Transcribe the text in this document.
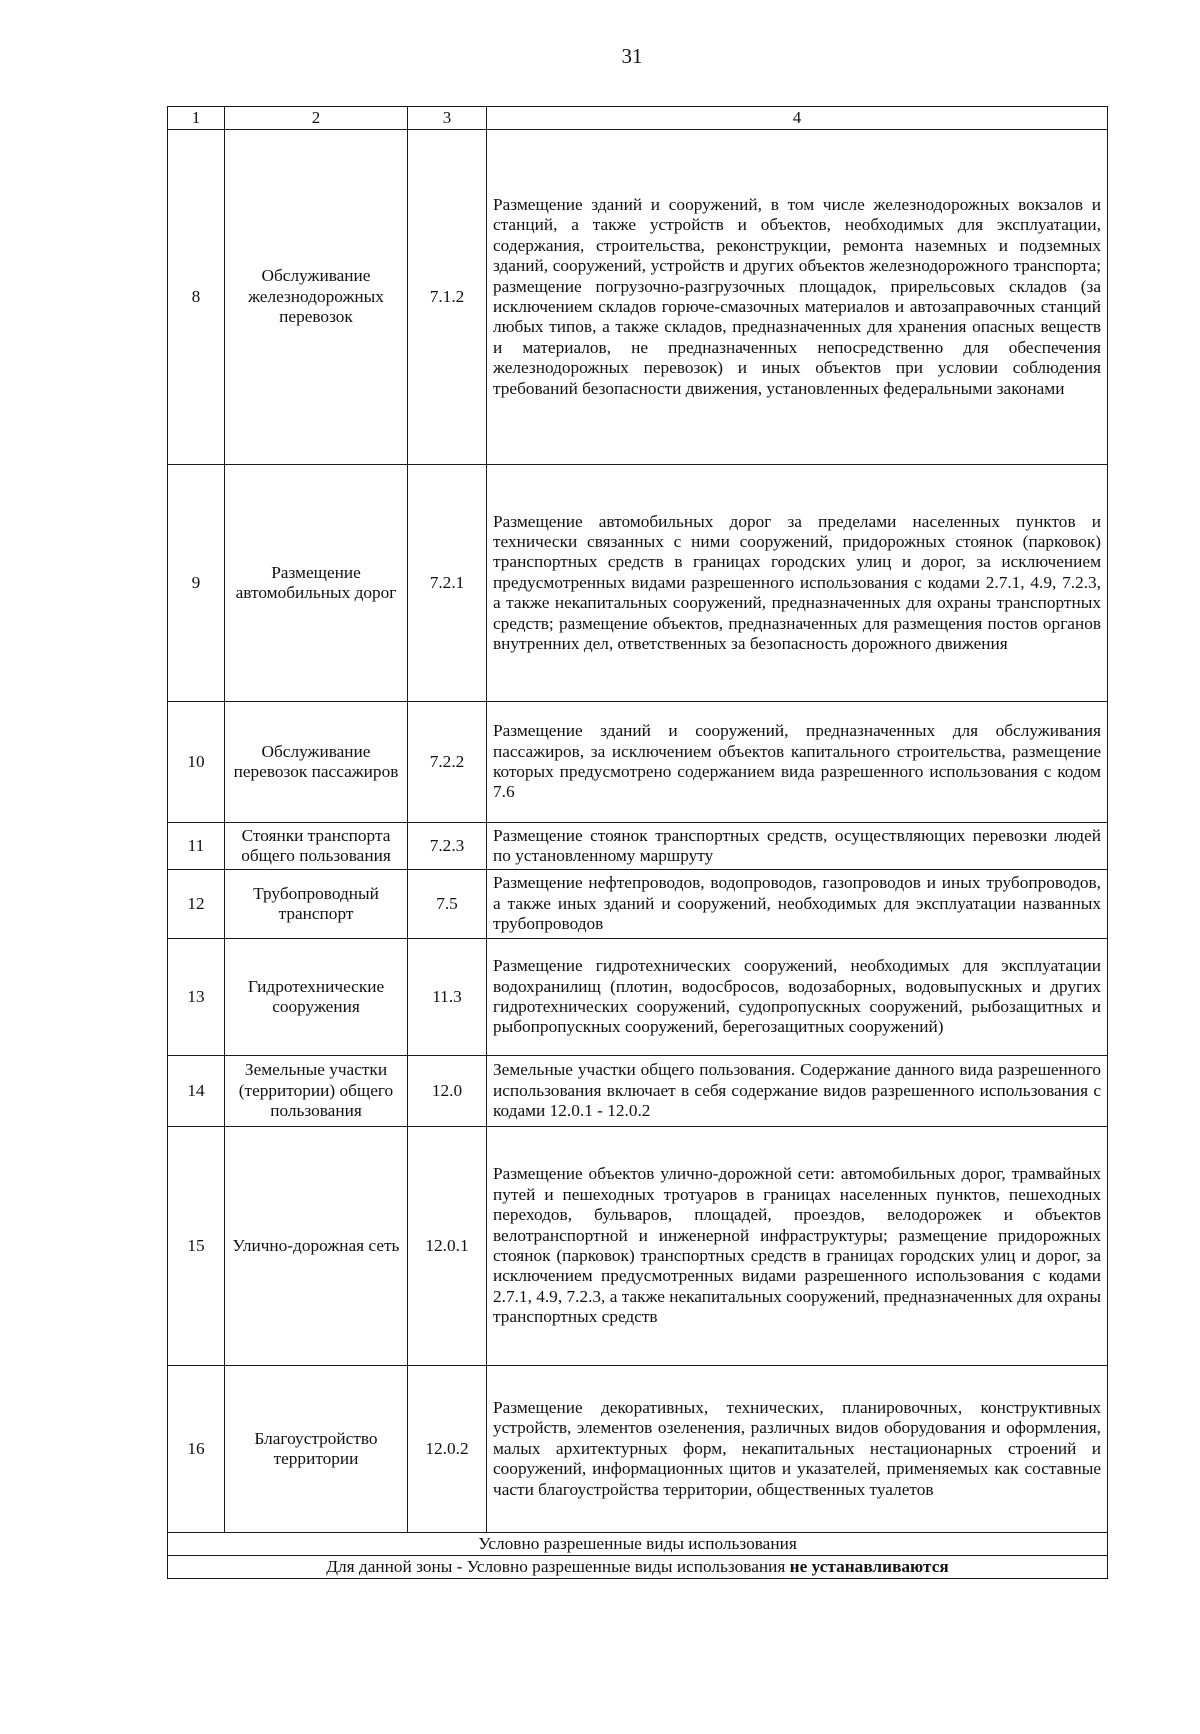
31
1	2	3	4
8	Обслуживание железнодорожных перевозок	7.1.2	Размещение зданий и сооружений, в том числе железнодорожных вокзалов и станций, а также устройств и объектов, необходимых для эксплуатации, содержания, строительства, реконструкции, ремонта наземных и подземных зданий, сооружений, устройств и других объектов железнодорожного транспорта; размещение погрузочно-разгрузочных площадок, прирельсовых складов (за исключением складов горюче-смазочных материалов и автозаправочных станций любых типов, а также складов, предназначенных для хранения опасных веществ и материалов, не предназначенных непосредственно для обеспечения железнодорожных перевозок) и иных объектов при условии соблюдения требований безопасности движения, установленных федеральными законами
9	Размещение автомобильных дорог	7.2.1	Размещение автомобильных дорог за пределами населенных пунктов и технически связанных с ними сооружений, придорожных стоянок (парковок) транспортных средств в границах городских улиц и дорог, за исключением предусмотренных видами разрешенного использования с кодами 2.7.1, 4.9, 7.2.3, а также некапитальных сооружений, предназначенных для охраны транспортных средств; размещение объектов, предназначенных для размещения постов органов внутренних дел, ответственных за безопасность дорожного движения
10	Обслуживание перевозок пассажиров	7.2.2	Размещение зданий и сооружений, предназначенных для обслуживания пассажиров, за исключением объектов капитального строительства, размещение которых предусмотрено содержанием вида разрешенного использования с кодом 7.6
11	Стоянки транспорта общего пользования	7.2.3	Размещение стоянок транспортных средств, осуществляющих перевозки людей по установленному маршруту
12	Трубопроводный транспорт	7.5	Размещение нефтепроводов, водопроводов, газопроводов и иных трубопроводов, а также иных зданий и сооружений, необходимых для эксплуатации названных трубопроводов
13	Гидротехнические сооружения	11.3	Размещение гидротехнических сооружений, необходимых для эксплуатации водохранилищ (плотин, водосбросов, водозаборных, водовыпускных и других гидротехнических сооружений, судопропускных сооружений, рыбозащитных и рыбопропускных сооружений, берегозащитных сооружений)
14	Земельные участки (территории) общего пользования	12.0	Земельные участки общего пользования. Содержание данного вида разрешенного использования включает в себя содержание видов разрешенного использования с кодами 12.0.1 - 12.0.2
15	Улично-дорожная сеть	12.0.1	Размещение объектов улично-дорожной сети: автомобильных дорог, трамвайных путей и пешеходных тротуаров в границах населенных пунктов, пешеходных переходов, бульваров, площадей, проездов, велодорожек и объектов велотранспортной и инженерной инфраструктуры; размещение придорожных стоянок (парковок) транспортных средств в границах городских улиц и дорог, за исключением предусмотренных видами разрешенного использования с кодами 2.7.1, 4.9, 7.2.3, а также некапитальных сооружений, предназначенных для охраны транспортных средств
16	Благоустройство территории	12.0.2	Размещение декоративных, технических, планировочных, конструктивных устройств, элементов озеленения, различных видов оборудования и оформления, малых архитектурных форм, некапитальных нестационарных строений и сооружений, информационных щитов и указателей, применяемых как составные части благоустройства территории, общественных туалетов
Условно разрешенные виды использования			
Для данной зоны - Условно разрешенные виды использования не устанавливаются			
